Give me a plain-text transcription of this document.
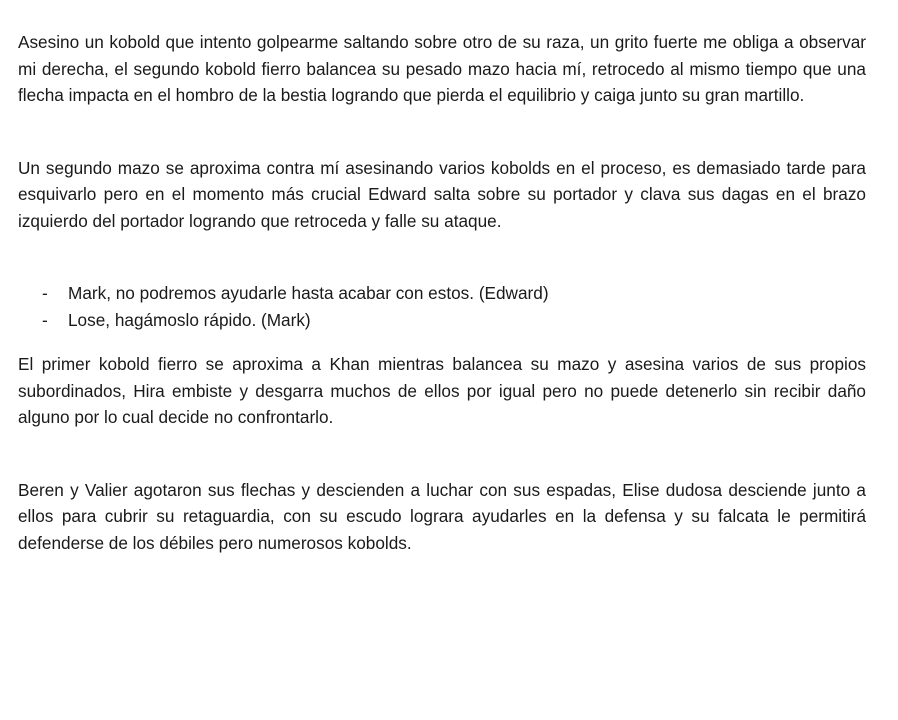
Asesino un kobold que intento golpearme saltando sobre otro de su raza, un grito fuerte me obliga a observar mi derecha, el segundo kobold fierro balancea su pesado mazo hacia mí, retrocedo al mismo tiempo que una flecha impacta en el hombro de la bestia logrando que pierda el equilibrio y caiga junto su gran martillo.

Un segundo mazo se aproxima contra mí asesinando varios kobolds en el proceso, es demasiado tarde para esquivarlo pero en el momento más crucial Edward salta sobre su portador y clava sus dagas en el brazo izquierdo del portador logrando que retroceda y falle su ataque.

- Mark, no podremos ayudarle hasta acabar con estos. (Edward)
- Lose, hagámoslo rápido. (Mark)

El primer kobold fierro se aproxima a Khan mientras balancea su mazo y asesina varios de sus propios subordinados, Hira embiste y desgarra muchos de ellos por igual pero no puede detenerlo sin recibir daño alguno por lo cual decide no confrontarlo.

Beren y Valier agotaron sus flechas y descienden a luchar con sus espadas, Elise dudosa desciende junto a ellos para cubrir su retaguardia, con su escudo lograra ayudarles en la defensa y su falcata le permitirá defenderse de los débiles pero numerosos kobolds.
